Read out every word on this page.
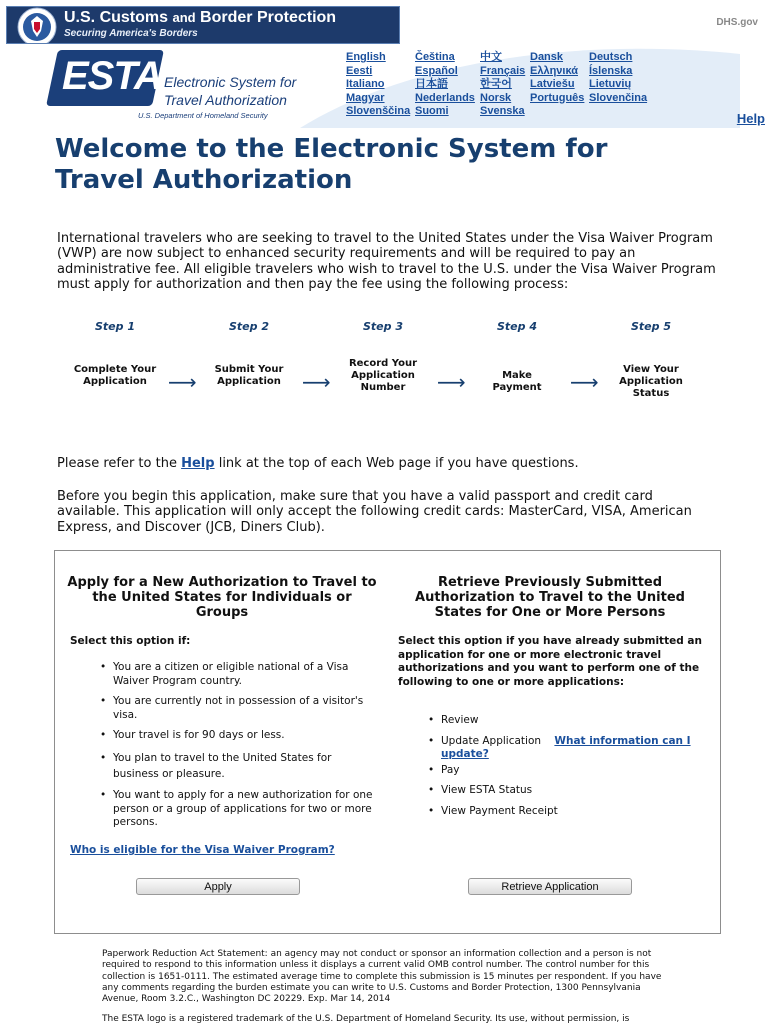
U.S. Customs and Border Protection
Securing America's Borders
DHS.gov
ESTA Electronic System for
Travel Authorization
U.S. Department of Homeland Security
English	Čeština	中文	Dansk	Deutsch
Eesti	Español	Français Ελληνικά	Íslenska
Italiano	日本語	한국어	Latviešu	Lietuvių
Magyar	Nederlands Norsk	Português Slovenčina
Slovenščina Suomi	Svenska	Help
Welcome to the Electronic System for Travel Authorization

International travelers who are seeking to travel to the United States under the Visa Waiver Program (VWP) are now subject to enhanced security requirements and will be required to pay an administrative fee. All eligible travelers who wish to travel to the U.S. under the Visa Waiver Program must apply for authorization and then pay the fee using the following process:

Step 1
Complete Your Application	⟶
Step 2
Submit Your Application	⟶
Step 3
Record Your Application Number	⟶
Step 4
Make Payment	⟶
Step 5
View Your Application Status

Please refer to the Help link at the top of each Web page if you have questions.

Before you begin this application, make sure that you have a valid passport and credit card available. This application will only accept the following credit cards: MasterCard, VISA, American Express, and Discover (JCB, Diners Club).

Apply for a New Authorization to Travel to the United States for Individuals or Groups
Select this option if:
• You are a citizen or eligible national of a Visa Waiver Program country.
• You are currently not in possession of a visitor's visa.
• Your travel is for 90 days or less.
• You plan to travel to the United States for business or pleasure.
• You want to apply for a new authorization for one person or a group of applications for two or more persons.
Who is eligible for the Visa Waiver Program?
Apply
Retrieve Previously Submitted Authorization to Travel to the United States for One or More Persons
Select this option if you have already submitted an application for one or more electronic travel authorizations and you want to perform one of the following to one or more applications:
• Review
• Update Application What information can I update?
• Pay
• View ESTA Status
• View Payment Receipt
Retrieve Application

Paperwork Reduction Act Statement: an agency may not conduct or sponsor an information collection and a person is not required to respond to this information unless it displays a current valid OMB control number. The control number for this collection is 1651-0111. The estimated average time to complete this submission is 15 minutes per respondent. If you have any comments regarding the burden estimate you can write to U.S. Customs and Border Protection, 1300 Pennsylvania Avenue, Room 3.2.C., Washington DC 20229. Exp. Mar 14, 2014

The ESTA logo is a registered trademark of the U.S. Department of Homeland Security. Its use, without permission, is
